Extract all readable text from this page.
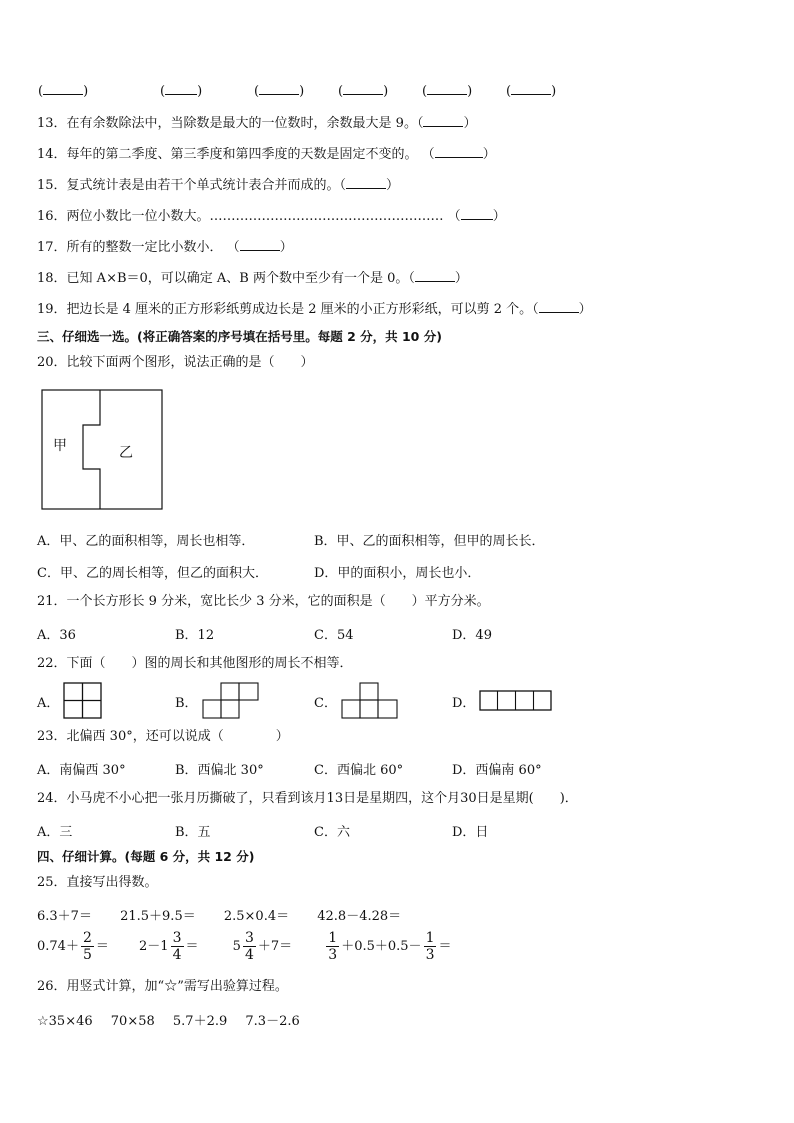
(	)	( )	(	)	(	)	(	)	(	)
13．在有余数除法中，当除数是最大的一位数时，余数最大是 9。（	）
14．每年的第二季度、第三季度和第四季度的天数是固定不变的。 （	）
15．复式统计表是由若干个单式统计表合并而成的。（	）
16．两位小数比一位小数大。……………………………………………… （ ）
17．所有的整数一定比小数小． （	）
18．已知 A×B＝0，可以确定 A、B 两个数中至少有一个是 0。（	）
19．把边长是 4 厘米的正方形彩纸剪成边长是 2 厘米的小正方形彩纸，可以剪 2 个。（	）
三、仔细选一选。(将正确答案的序号填在括号里。每题 2 分，共 10 分)
20．比较下面两个图形，说法正确的是（　　）
甲	乙
A．甲、乙的面积相等，周长也相等．	B．甲、乙的面积相等，但甲的周长长．
C．甲、乙的周长相等，但乙的面积大．	D．甲的面积小，周长也小．
21．一个长方形长 9 分米，宽比长少 3 分米，它的面积是（　　）平方分米。
A．36	B．12	C．54	D．49
22．下面（　　）图的周长和其他图形的周长不相等．
A．	B．	C．	D．
23．北偏西 30°，还可以说成（　　　　）
A．南偏西 30°	B．西偏北 30°	C．西偏北 60°	D．西偏南 60°
24．小马虎不小心把一张月历撕破了，只看到该月13日是星期四，这个月30日是星期(　　)．
A．三	B．五	C．六	D．日
四、仔细计算。(每题 6 分，共 12 分)
25．直接写出得数。
6.3＋7＝ 21.5＋9.5＝ 2.5×0.4＝ 42.8－4.28＝
$0.74+ \frac{2}{5} = 2-1 \frac{3}{4}$ ＝	$5 \frac{3}{4} +7= \frac{1}{3} +0.5+0.5- \frac{1}{3}$ ＝
26．用竖式计算，加“☆”需写出验算过程。
☆35×46 70×58 5.7＋2.9 7.3－2.6
